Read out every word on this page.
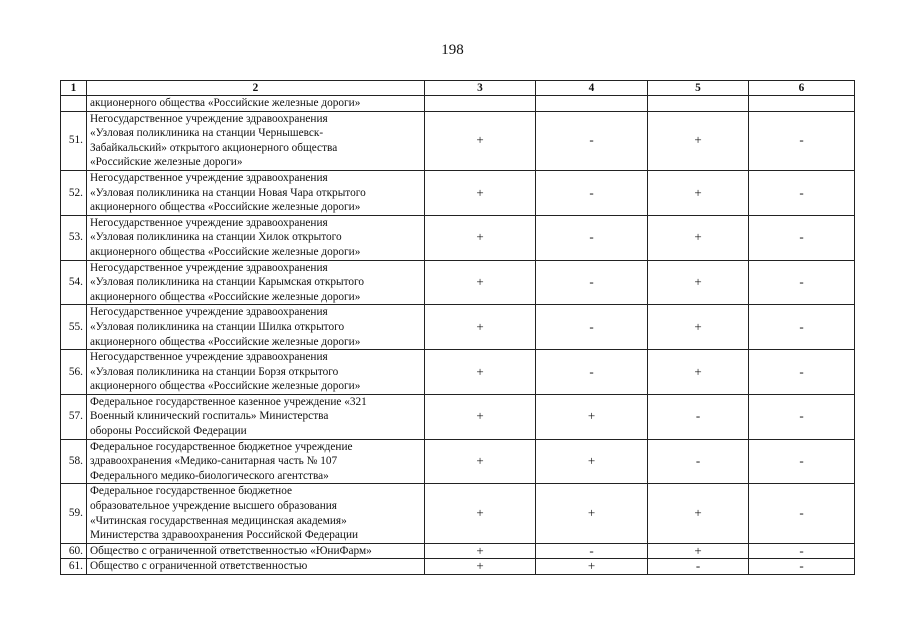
198
1	2	3	4	5	6
	акционерного общества «Российские железные дороги»				
51.	Негосударственное учреждение здравоохранения
«Узловая поликлиника на станции Чернышевск-
Забайкальский» открытого акционерного общества
«Российские железные дороги»	+	-	+	-
52.	Негосударственное учреждение здравоохранения
«Узловая поликлиника на станции Новая Чара открытого
акционерного общества «Российские железные дороги»	+	-	+	-
53.	Негосударственное учреждение здравоохранения
«Узловая поликлиника на станции Хилок открытого
акционерного общества «Российские железные дороги»	+	-	+	-
54.	Негосударственное учреждение здравоохранения
«Узловая поликлиника на станции Карымская открытого
акционерного общества «Российские железные дороги»	+	-	+	-
55.	Негосударственное учреждение здравоохранения
«Узловая поликлиника на станции Шилка открытого
акционерного общества «Российские железные дороги»	+	-	+	-
56.	Негосударственное учреждение здравоохранения
«Узловая поликлиника на станции Борзя открытого
акционерного общества «Российские железные дороги»	+	-	+	-
57.	Федеральное государственное казенное учреждение «321
Военный клинический госпиталь» Министерства
обороны Российской Федерации	+	+	-	-
58.	Федеральное государственное бюджетное учреждение
здравоохранения «Медико-санитарная часть № 107
Федерального медико-биологического агентства»	+	+	-	-
59.	Федеральное государственное бюджетное
образовательное учреждение высшего образования
«Читинская государственная медицинская академия»
Министерства здравоохранения Российской Федерации	+	+	+	-
60.	Общество с ограниченной ответственностью «ЮниФарм»	+	-	+	-
61.	Общество с ограниченной ответственностью	+	+	-	-
